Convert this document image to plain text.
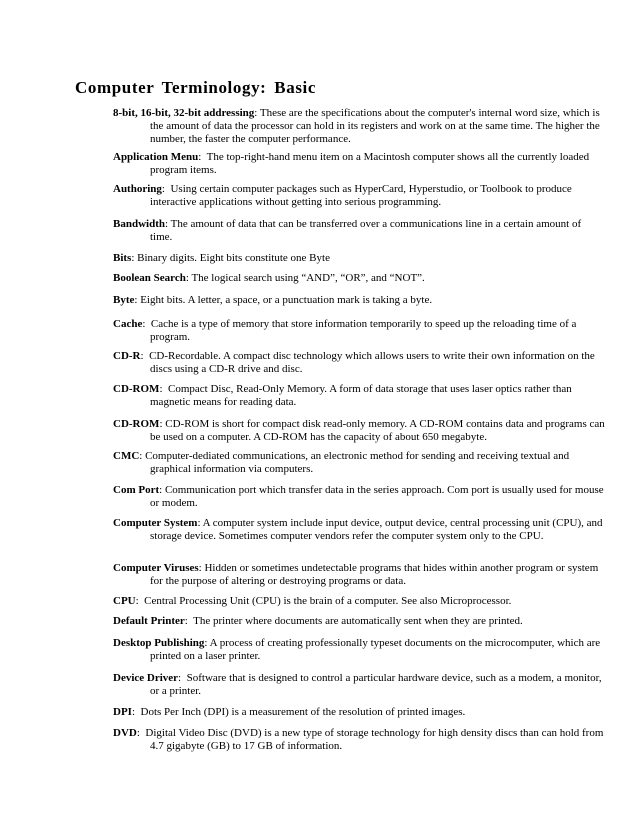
Computer Terminology: Basic

8-bit, 16-bit, 32-bit addressing: These are the specifications about the computer's internal word size, which is the amount of data the processor can hold in its registers and work on at the same time. The higher the number, the faster the computer performance.

Application Menu:  The top-right-hand menu item on a Macintosh computer shows all the currently loaded program items.

Authoring:  Using certain computer packages such as HyperCard, Hyperstudio, or Toolbook to produce interactive applications without getting into serious programming.

Bandwidth: The amount of data that can be transferred over a communications line in a certain amount of time.

Bits: Binary digits. Eight bits constitute one Byte

Boolean Search: The logical search using “AND”, “OR”, and “NOT”.

Byte: Eight bits. A letter, a space, or a punctuation mark is taking a byte.

Cache:  Cache is a type of memory that store information temporarily to speed up the reloading time of a program.

CD-R:  CD-Recordable. A compact disc technology which allows users to write their own information on the discs using a CD-R drive and disc.

CD-ROM:  Compact Disc, Read-Only Memory. A form of data storage that uses laser optics rather than magnetic means for reading data.

CD-ROM: CD-ROM is short for compact disk read-only memory. A CD-ROM contains data and programs can be used on a computer. A CD-ROM has the capacity of about 650 megabyte.

CMC: Computer-dediated communications, an electronic method for sending and receiving textual and graphical information via computers.

Com Port: Communication port which transfer data in the series approach. Com port is usually used for mouse or modem.

Computer System: A computer system include input device, output device, central processing unit (CPU), and storage device. Sometimes computer vendors refer the computer system only to the CPU.

Computer Viruses: Hidden or sometimes undetectable programs that hides within another program or system for the purpose of altering or destroying programs or data.

CPU:  Central Processing Unit (CPU) is the brain of a computer. See also Microprocessor.

Default Printer:  The printer where documents are automatically sent when they are printed.

Desktop Publishing: A process of creating professionally typeset documents on the microcomputer, which are printed on a laser printer.

Device Driver:  Software that is designed to control a particular hardware device, such as a modem, a monitor, or a printer.

DPI:  Dots Per Inch (DPI) is a measurement of the resolution of printed images.

DVD:  Digital Video Disc (DVD) is a new type of storage technology for high density discs than can hold from 4.7 gigabyte (GB) to 17 GB of information.
